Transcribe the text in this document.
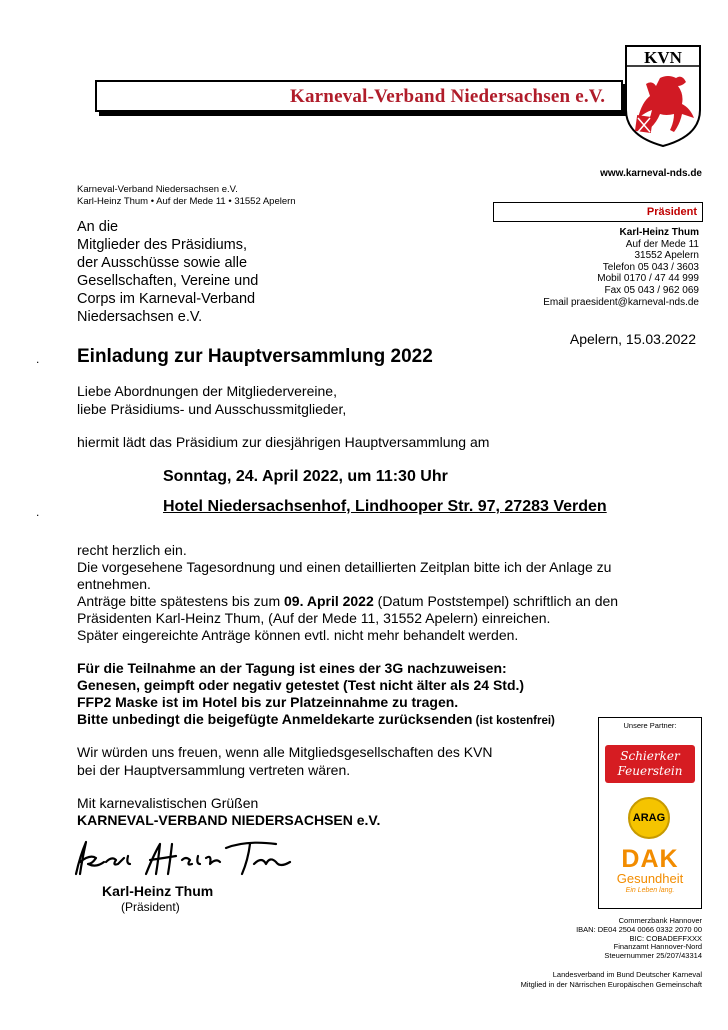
Karneval-Verband Niedersachsen e.V.
KVN
www.karneval-nds.de
Karneval-Verband Niedersachsen e.V.
Karl-Heinz Thum • Auf der Mede 11 • 31552 Apelern
An die
Mitglieder des Präsidiums,
der Ausschüsse sowie alle
Gesellschaften, Vereine und
Corps im Karneval-Verband
Niedersachsen e.V.
Präsident
Karl-Heinz Thum
Auf der Mede 11
31552 Apelern
Telefon 05 043 / 3603
Mobil 0170 / 47 44 999
Fax 05 043 / 962 069
Email praesident@karneval-nds.de
Apelern, 15.03.2022
. Einladung zur Hauptversammlung 2022
Liebe Abordnungen der Mitgliedervereine,
liebe Präsidiums- und Ausschussmitglieder,
hiermit lädt das Präsidium zur diesjährigen Hauptversammlung am
Sonntag, 24. April 2022, um 11:30 Uhr
.	Hotel Niedersachsenhof, Lindhooper Str. 97, 27283 Verden
recht herzlich ein.
Die vorgesehene Tagesordnung und einen detaillierten Zeitplan bitte ich der Anlage zu
entnehmen.
Anträge bitte spätestens bis zum 09. April 2022 (Datum Poststempel) schriftlich an den
Präsidenten Karl-Heinz Thum, (Auf der Mede 11, 31552 Apelern) einreichen.
Später eingereichte Anträge können evtl. nicht mehr behandelt werden.
Für die Teilnahme an der Tagung ist eines der 3G nachzuweisen:
Genesen, geimpft oder negativ getestet (Test nicht älter als 24 Std.)
FFP2 Maske ist im Hotel bis zur Platzeinnahme zu tragen.
Bitte unbedingt die beigefügte Anmeldekarte zurücksenden (ist kostenfrei)
Wir würden uns freuen, wenn alle Mitgliedsgesellschaften des KVN
bei der Hauptversammlung vertreten wären.
Mit karnevalistischen Grüßen
KARNEVAL-VERBAND NIEDERSACHSEN e.V.
Karl-Heinz Thum
(Präsident)
Unsere Partner:
Schierker
Feuerstein
ARAG
DAK
Gesundheit
Ein Leben lang.
Commerzbank Hannover
IBAN: DE04 2504 0066 0332 2070 00
BIC: COBADEFFXXX
Finanzamt Hannover-Nord
Steuernummer 25/207/43314
Landesverband im Bund Deutscher Karneval
Mitglied in der Närrischen Europäischen Gemeinschaft
